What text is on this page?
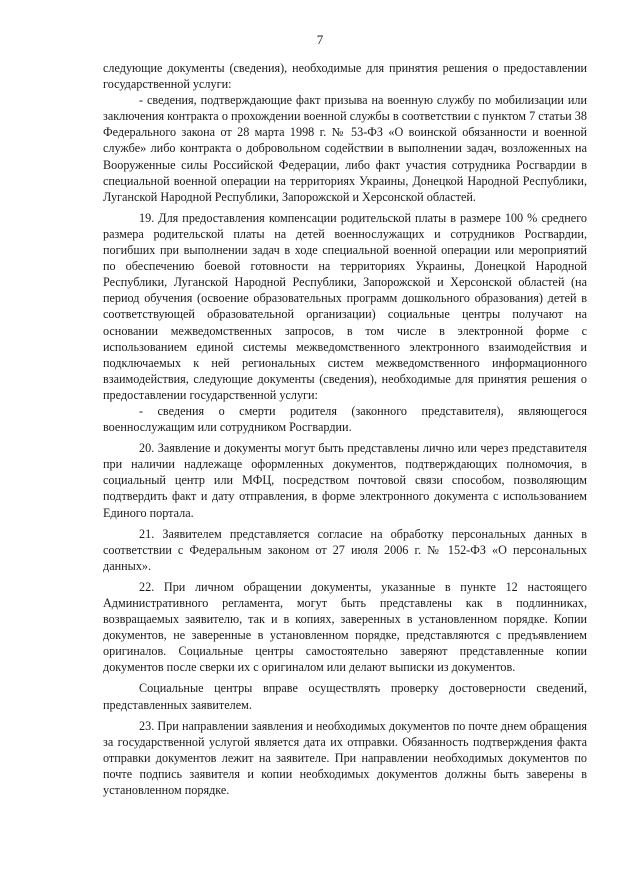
7

следующие документы (сведения), необходимые для принятия решения о предоставлении государственной услуги:

- сведения, подтверждающие факт призыва на военную службу по мобилизации или заключения контракта о прохождении военной службы в соответствии с пунктом 7 статьи 38 Федерального закона от 28 марта 1998 г. № 53-ФЗ «О воинской обязанности и военной службе» либо контракта о добровольном содействии в выполнении задач, возложенных на Вооруженные силы Российской Федерации, либо факт участия сотрудника Росгвардии в специальной военной операции на территориях Украины, Донецкой Народной Республики, Луганской Народной Республики, Запорожской и Херсонской областей.

19. Для предоставления компенсации родительской платы в размере 100 % среднего размера родительской платы на детей военнослужащих и сотрудников Росгвардии, погибших при выполнении задач в ходе специальной военной операции или мероприятий по обеспечению боевой готовности на территориях Украины, Донецкой Народной Республики, Луганской Народной Республики, Запорожской и Херсонской областей (на период обучения (освоение образовательных программ дошкольного образования) детей в соответствующей образовательной организации) социальные центры получают на основании межведомственных запросов, в том числе в электронной форме с использованием единой системы межведомственного электронного взаимодействия и подключаемых к ней региональных систем межведомственного информационного взаимодействия, следующие документы (сведения), необходимые для принятия решения о предоставлении государственной услуги:

- сведения о смерти родителя (законного представителя), являющегося военнослужащим или сотрудником Росгвардии.

20. Заявление и документы могут быть представлены лично или через представителя при наличии надлежаще оформленных документов, подтверждающих полномочия, в социальный центр или МФЦ, посредством почтовой связи способом, позволяющим подтвердить факт и дату отправления, в форме электронного документа с использованием Единого портала.

21. Заявителем представляется согласие на обработку персональных данных в соответствии с Федеральным законом от 27 июля 2006 г. № 152-ФЗ «О персональных данных».

22. При личном обращении документы, указанные в пункте 12 настоящего Административного регламента, могут быть представлены как в подлинниках, возвращаемых заявителю, так и в копиях, заверенных в установленном порядке. Копии документов, не заверенные в установленном порядке, представляются с предъявлением оригиналов. Социальные центры самостоятельно заверяют представленные копии документов после сверки их с оригиналом или делают выписки из документов.

Социальные центры вправе осуществлять проверку достоверности сведений, представленных заявителем.

23. При направлении заявления и необходимых документов по почте днем обращения за государственной услугой является дата их отправки. Обязанность подтверждения факта отправки документов лежит на заявителе. При направлении необходимых документов по почте подпись заявителя и копии необходимых документов должны быть заверены в установленном порядке.
